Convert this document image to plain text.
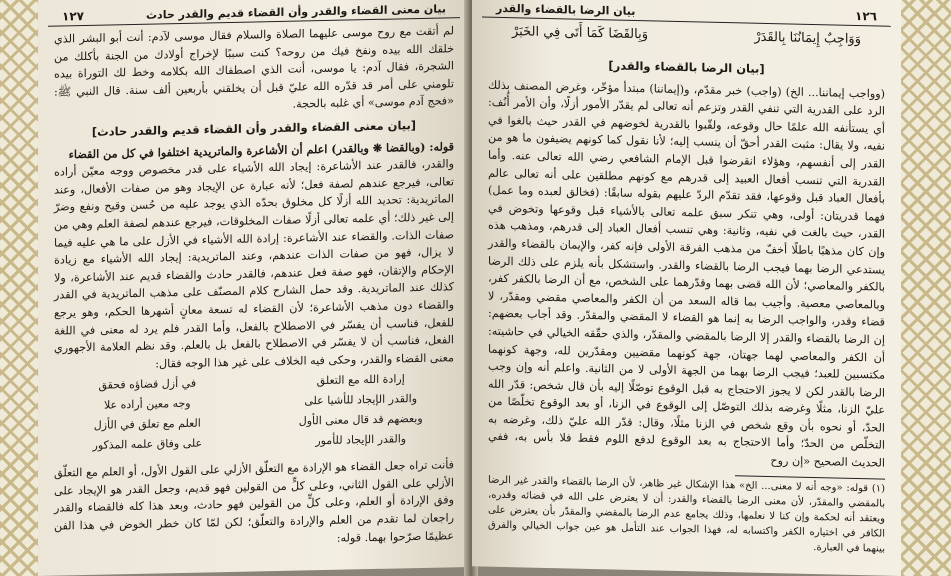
بيان معنى القضاء والقدر وأن القضاء قديم والقدر حادث
١٢٧

لم أتقت مع روح موسى عليهما الصلاة والسلام فقال موسى لآدم: أنت أبو البشر الذي خلقك الله بيده ونفخ فيك من روحه؟ كنت سببًا لإخراج أولادك من الجنة بأكلك من الشجرة، فقال آدم: يا موسى، أنت الذي اصطفاك الله بكلامه وخط لك التوراة بيده تلومني على أمر قد قدّره الله عليّ قبل أن يخلقني بأربعين ألف سنة. قال النبي ﷺ: «فحج آدم موسى» أي غلبه بالحجة.

[بيان معنى القضاء والقدر وأن القضاء قديم والقدر حادث]

قوله: (وبالقضا ❋ وبالقدر) اعلم أن الأشاعرة والماتريدية اختلفوا في كل من القضاء

والقدر، فالقدر عند الأشاعرة: إيجاد الله الأشياء على قدر مخصوص ووجه معيّن أراده تعالى، فيرجع عندهم لصفة فعل؛ لأنه عبارة عن الإيجاد وهو من صفات الأفعال، وعند الماتريدية: تحديد الله أزلًا كل مخلوق بحدّه الذي يوجد عليه من حُسن وقبح ونفع وضرّ إلى غير ذلك؛ أي علمه تعالى أزلًا صفات المخلوقات، فيرجع عندهم لصفة العلم وهي من صفات الذات. والقضاء عند الأشاعرة: إرادة الله الأشياء في الأزل على ما هي عليه فيما لا يزال، فهو من صفات الذات عندهم، وعند الماتريدية: إيجاد الله الأشياء مع زيادة الإحكام والإتقان، فهو صفة فعل عندهم، فالقدر حادث والقضاء قديم عند الأشاعرة، ولا كذلك عند الماتريدية. وقد حمل الشارح كلام المصنّف على مذهب الماتريدية في القدر والقضاء دون مذهب الأشاعرة؛ لأن القضاء له تسعة معانٍ أشهرها الحكم، وهو يرجع للفعل، فناسب أن يفسّر في الاصطلاح بالفعل، وأما القدر فلم يرد له معنى في اللغة الفعل، فناسب أن لا يفسّر في الاصطلاح بالفعل بل بالعلم. وقد نظم العلامة الأجهوري معنى القضاء والقدر، وحكى فيه الخلاف على غير هذا الوجه فقال:

إرادة الله مع التعلق
في أزل قضاؤه فحقق
والقدر الإيجاد للأشيا على
وجه معين أراده علا
وبعضهم قد قال معنى الأول
العلم مع تعلق في الأزل
والقدر الإيجاد للأمور
على وفاق علمه المذكور

فأنت تراه جعل القضاء هو الإرادة مع التعلّق الأزلي على القول الأول، أو العلم مع التعلّق الأزلي على القول الثاني، وعلى كلٍّ من القولين فهو قديم، وجعل القدر هو الإيجاد على وفق الإرادة أو العلم، وعلى كلٍّ من القولين فهو حادث، وبعد هذا كله فالقضاء والقدر راجعان لما تقدم من العلم والإرادة والتعلّق؛ لكن لمّا كان خطر الخوض في هذا الفن عظيمًا صرّحوا بهما. قوله:

١٢٦
بيان الرضا بالقضاء والقدر
وَوَاجِبٌ إِيمَانُنَا بِالقَدَرْ
وَبِالقَضَا كَمَا أَتَى فِي الخَبَرْ
[بيان الرضا بالقضاء والقدر]

(وواجب إيماننا... الخ) (واجب) خبر مقدّم، و(إيماننا) مبتدأ مؤخّر، وغرض المصنف بذلك الرد على القدرية التي تنفي القدر وتزعم أنه تعالى لم يقدّر الأمور أزلًا، وأن الأمر أُنُف: أي يستأنفه الله علمًا حال وقوعه، ولقّبوا بالقدرية لخوضهم في القدر حيث بالغوا في نفيه، ولا يقال: مثبت القدر أحقّ أن ينسب إليه؛ لأنا نقول كما كونهم يضيفون ما هو من القدر إلى أنفسهم، وهؤلاء انقرضوا قبل الإمام الشافعي رضي الله تعالى عنه. وأما القدرية التي تنسب أفعال العبيد إلى قدرهم مع كونهم مطلقين على أنه تعالى عالم بأفعال العباد قبل وقوعها، فقد تقدّم الردّ عليهم بقوله سابقًا: (فخالق لعبده وما عمل) فهما قدريتان: أولى، وهي تنكر سبق علمه تعالى بالأشياء قبل وقوعها وتخوض في القدر، حيث بالغت في نفيه، وثانية: وهي تنسب أفعال العباد إلى قدرهم، ومذهب هذه وإن كان مذهبًا باطلًا أخفّ من مذهب الفرقة الأولى فإنه كفر، والإيمان بالقضاء والقدر يستدعي الرضا بهما فيجب الرضا بالقضاء والقدر. واستشكل بأنه يلزم على ذلك الرضا بالكفر والمعاصي؛ لأن الله قضى بهما وقدّرهما على الشخص، مع أن الرضا بالكفر كفر، وبالمعاصي معصية. وأجيب بما قاله السعد من أن الكفر والمعاصي مقضي ومقدّر، لا قضاء وقدر، والواجب الرضا به إنما هو القضاء لا المقضي والمقدّر. وقد أجاب بعضهم: إن الرضا بالقضاء والقدر إلا الرضا بالمقضي والمقدّر، والذي حقّقه الخيالي في حاشيته: أن الكفر والمعاصي لهما جهتان، جهة كونهما مقضيين ومقدّرين لله، وجهة كونهما مكتسبين للعبد؛ فيجب الرضا بهما من الجهة الأولى لا من الثانية. واعلم أنه وإن وجب الرضا بالقدر لكن لا يجوز الاحتجاج به قبل الوقوع توصّلًا إليه بأن قال شخص: قدّر الله عليّ الزنا، مثلًا وغرضه بذلك التوصّل إلى الوقوع في الزنا، أو بعد الوقوع تخلّصًا من الحدّ، أو نحوه بأن وقع شخص في الزنا مثلًا، وقال: قدّر الله عليّ ذلك، وغرضه به التخلّص من الحدّ؛ وأما الاحتجاج به بعد الوقوع لدفع اللوم فقط فلا بأس به، ففي الحديث الصحيح «إن روح

(١) قوله: «وجه أنه لا معنى... الخ» هذا الإشكال غير ظاهر، لأن الرضا بالقضاء والقدر غير الرضا بالمقضي والمقدّر، لأن معنى الرضا بالقضاء والقدر: أن لا يعترض على الله في قضائه وقدره، ويعتقد أنه لحكمة وإن كنا لا نعلمها، وذلك يجامع عدم الرضا بالمقضي والمقدّر بأن يعترض على الكافر في اختياره الكفر واكتسابه له، فهذا الجواب عند التأمل هو عين جواب الخيالي والفرق بينهما في العبارة.
